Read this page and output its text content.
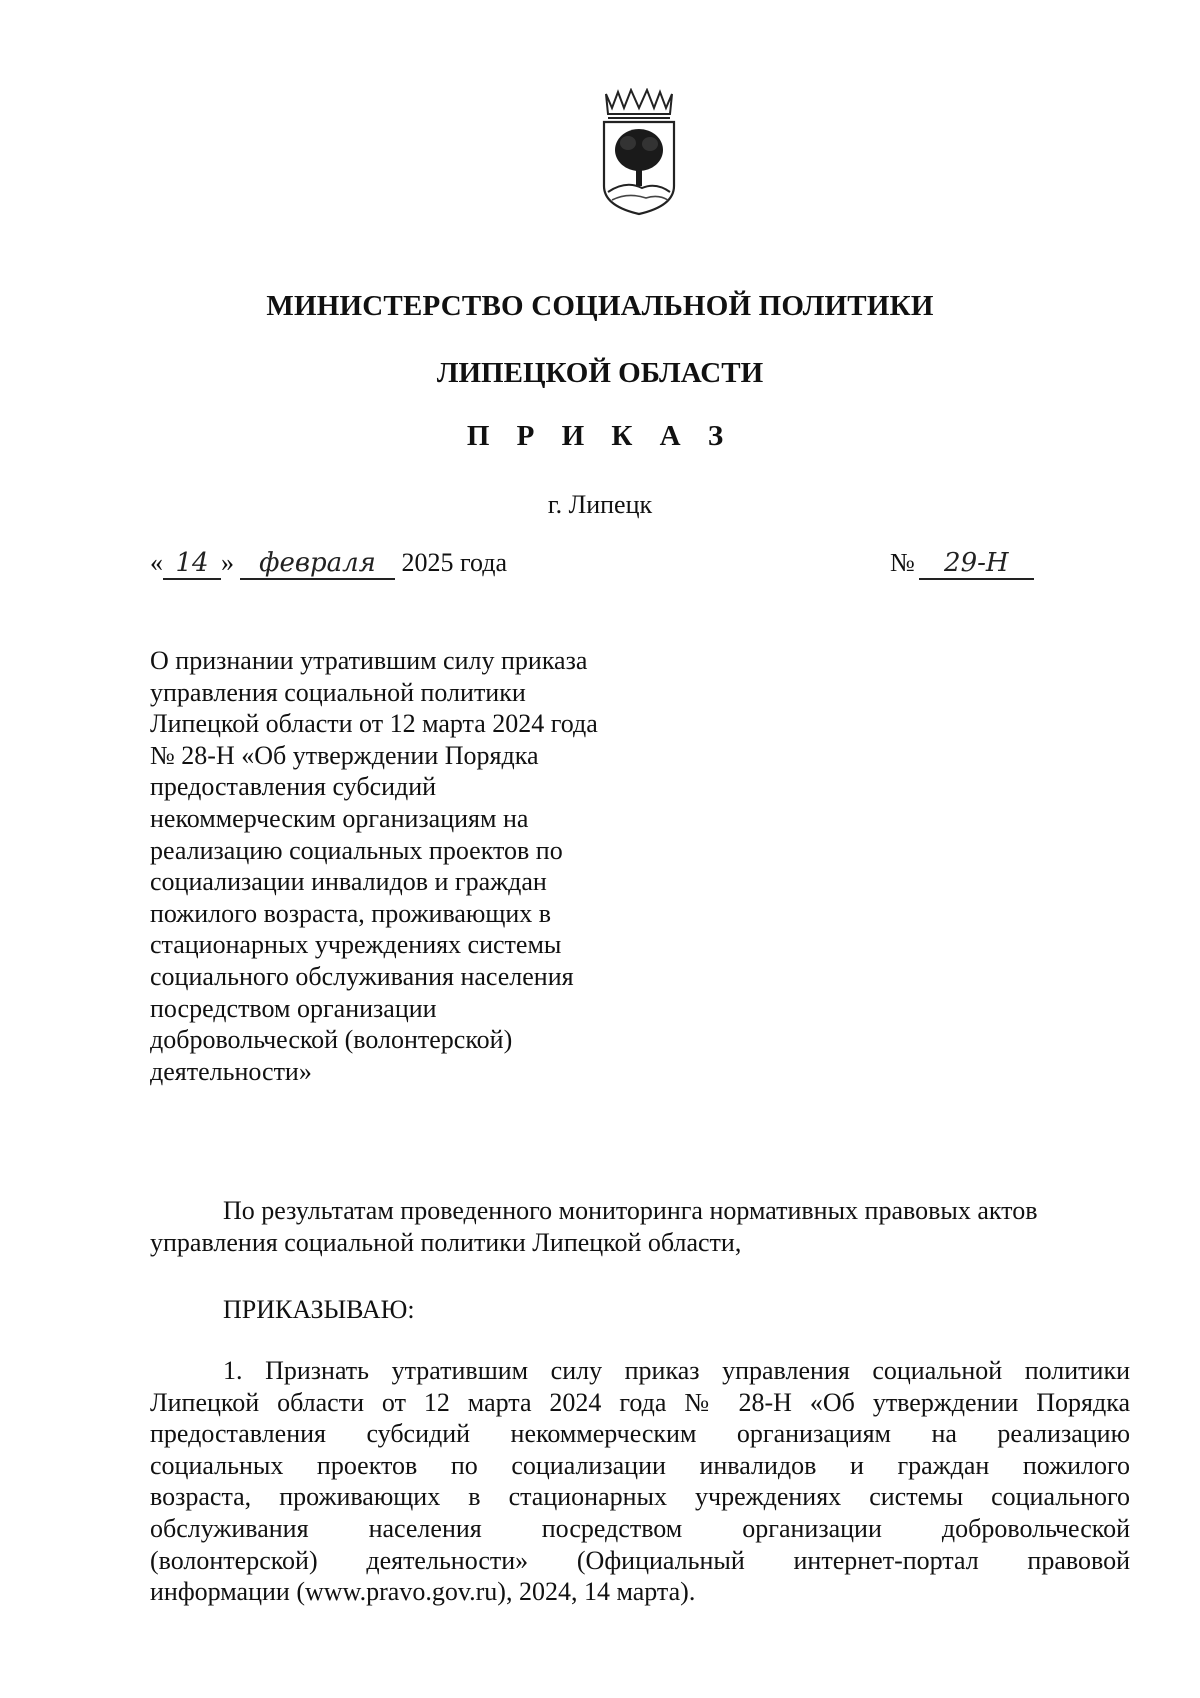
МИНИСТЕРСТВО СОЦИАЛЬНОЙ ПОЛИТИКИ
ЛИПЕЦКОЙ ОБЛАСТИ
П Р И К А З
г. Липецк
« 14 » февраля 2025 года	№ 29-Н
О признании утратившим силу приказа
управления социальной политики
Липецкой области от 12 марта 2024 года
№ 28-Н «Об утверждении Порядка
предоставления субсидий
некоммерческим организациям на
реализацию социальных проектов по
социализации инвалидов и граждан
пожилого возраста, проживающих в
стационарных учреждениях системы
социального обслуживания населения
посредством организации
добровольческой (волонтерской)
деятельности»
По результатам проведенного мониторинга нормативных правовых актов
управления социальной политики Липецкой области,
ПРИКАЗЫВАЮ:
1. Признать утратившим силу приказ управления социальной политики
Липецкой области от 12 марта 2024 года № 28-Н «Об утверждении Порядка
предоставления субсидий некоммерческим организациям на реализацию
социальных проектов по социализации инвалидов и граждан пожилого
возраста, проживающих в стационарных учреждениях системы социального
обслуживания населения посредством организации добровольческой
(волонтерской) деятельности» (Официальный интернет-портал правовой
информации (www.pravo.gov.ru), 2024, 14 марта).
